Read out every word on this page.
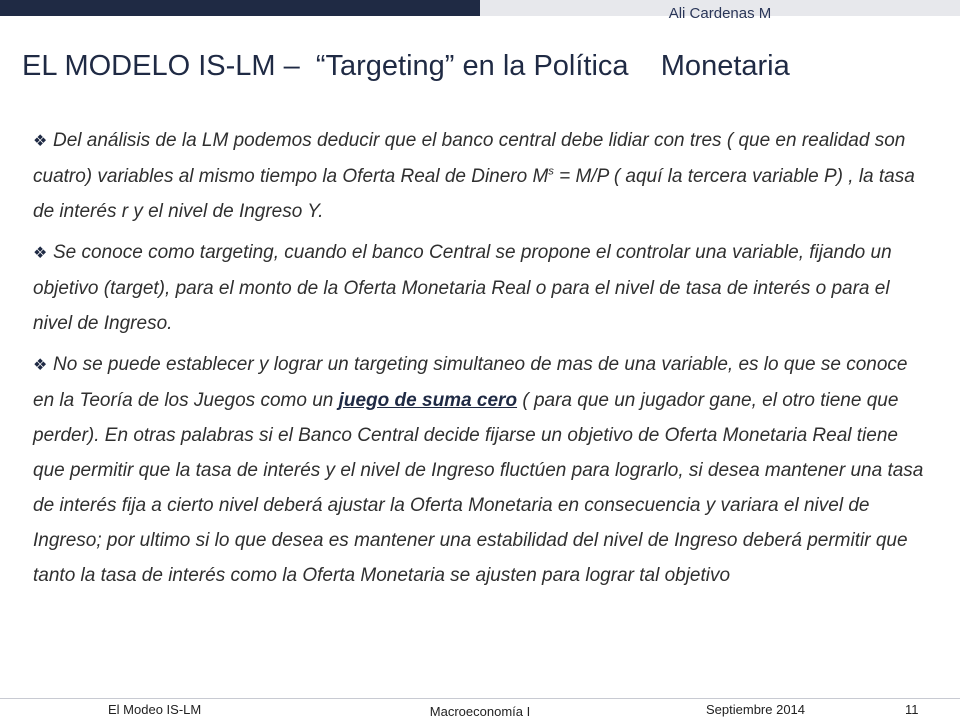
Ali Cardenas M
EL MODELO IS-LM –  “Targeting” en la Política    Monetaria

❖ Del análisis de la LM podemos deducir que el banco central debe lidiar con tres ( que en realidad son cuatro) variables al mismo tiempo la Oferta Real de Dinero $M^s = M/P$ ( aquí la tercera variable P) , la tasa de interés r y el nivel de Ingreso Y.

❖ Se conoce como targeting, cuando el banco Central se propone el controlar una variable, fijando un objetivo (target), para el monto de la Oferta Monetaria Real o para el nivel de tasa de interés o para el nivel de Ingreso.

❖ No se puede establecer y lograr un targeting simultaneo de mas de una variable, es lo que se conoce en la Teoría de los Juegos como un juego de suma cero ( para que un jugador gane, el otro tiene que perder). En otras palabras si el Banco Central decide fijarse un objetivo de Oferta Monetaria Real tiene que permitir que la tasa de interés y el nivel de Ingreso fluctúen para lograrlo, si desea mantener una tasa de interés fija a cierto nivel deberá ajustar la Oferta Monetaria en consecuencia y variara el nivel de Ingreso; por ultimo si lo que desea es mantener una estabilidad del nivel de Ingreso deberá permitir que tanto la tasa de interés como la Oferta Monetaria se ajusten para lograr tal objetivo

El Modeo IS-LM	Macroeconomía I	Septiembre 2014	11
